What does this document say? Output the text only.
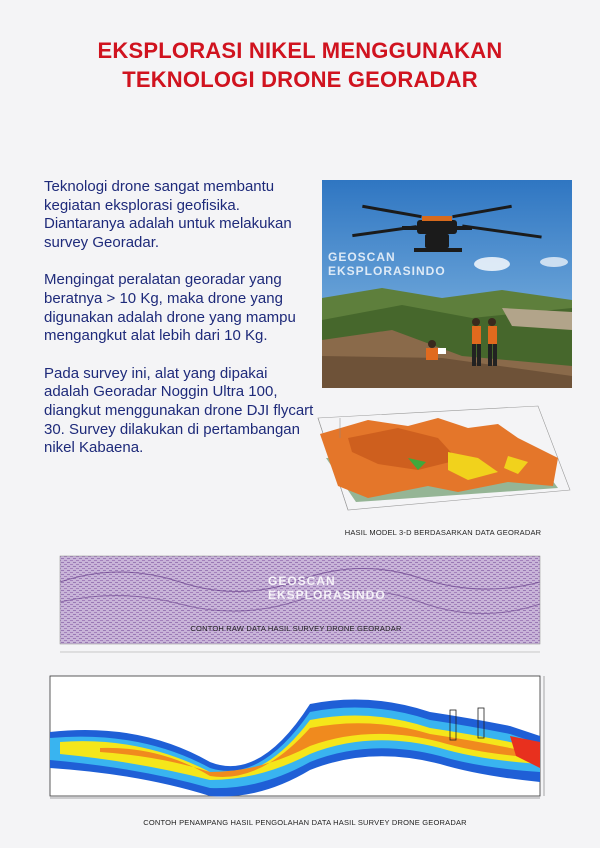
EKSPLORASI NIKEL MENGGUNAKAN
TEKNOLOGI DRONE GEORADAR

Teknologi drone sangat membantu kegiatan eksplorasi geofisika. Diantaranya adalah untuk melakukan survey Georadar.

Mengingat peralatan georadar yang beratnya > 10 Kg, maka drone yang digunakan adalah drone yang mampu mengangkut alat lebih dari 10 Kg.

Pada survey ini, alat yang dipakai adalah Georadar Noggin Ultra 100, diangkut menggunakan drone DJI flycart 30. Survey dilakukan di pertambangan nikel Kabaena.

GEOSCAN
EKSPLORASINDO
HASIL MODEL 3-D BERDASARKAN DATA GEORADAR
GEOSCAN
EKSPLORASINDO
CONTOH RAW DATA HASIL SURVEY DRONE GEORADAR
CONTOH PENAMPANG HASIL PENGOLAHAN DATA HASIL SURVEY DRONE GEORADAR
